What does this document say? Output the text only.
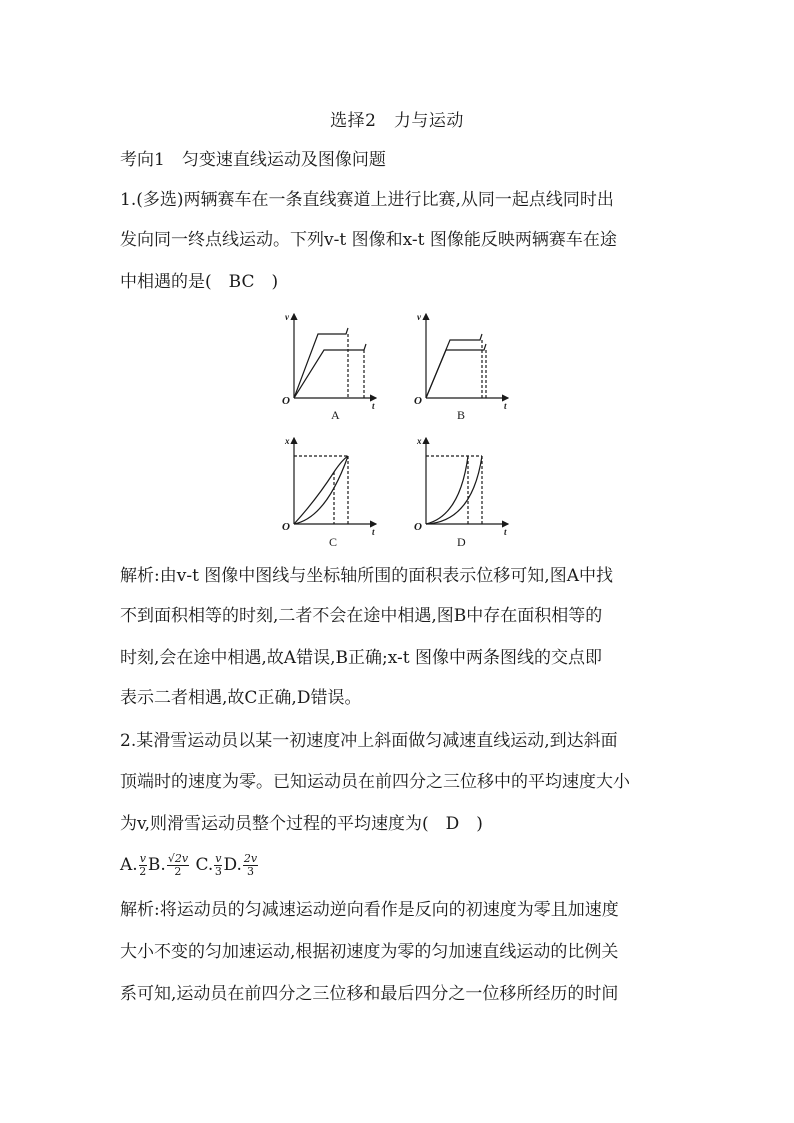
选择2　力与运动
考向1　匀变速直线运动及图像问题
1.(多选)两辆赛车在一条直线赛道上进行比赛,从同一起点线同时出
发向同一终点线运动。下列v-t 图像和x-t 图像能反映两辆赛车在途
中相遇的是(　BC　)
O
v
t
A
O
v
t
B
O
x
t
C
O
x
t
D
解析:由v-t 图像中图线与坐标轴所围的面积表示位移可知,图A中找
不到面积相等的时刻,二者不会在途中相遇,图B中存在面积相等的
时刻,会在途中相遇,故A错误,B正确;x-t 图像中两条图线的交点即
表示二者相遇,故C正确,D错误。
2.某滑雪运动员以某一初速度冲上斜面做匀减速直线运动,到达斜面
顶端时的速度为零。已知运动员在前四分之三位移中的平均速度大小
为v,则滑雪运动员整个过程的平均速度为(　D　)
A. $\frac{v}{2} B$. $\frac{√2v}{2} C$. $\frac{v}{3} D$. $\frac{2v}{3}$
解析:将运动员的匀减速运动逆向看作是反向的初速度为零且加速度
大小不变的匀加速运动,根据初速度为零的匀加速直线运动的比例关
系可知,运动员在前四分之三位移和最后四分之一位移所经历的时间
